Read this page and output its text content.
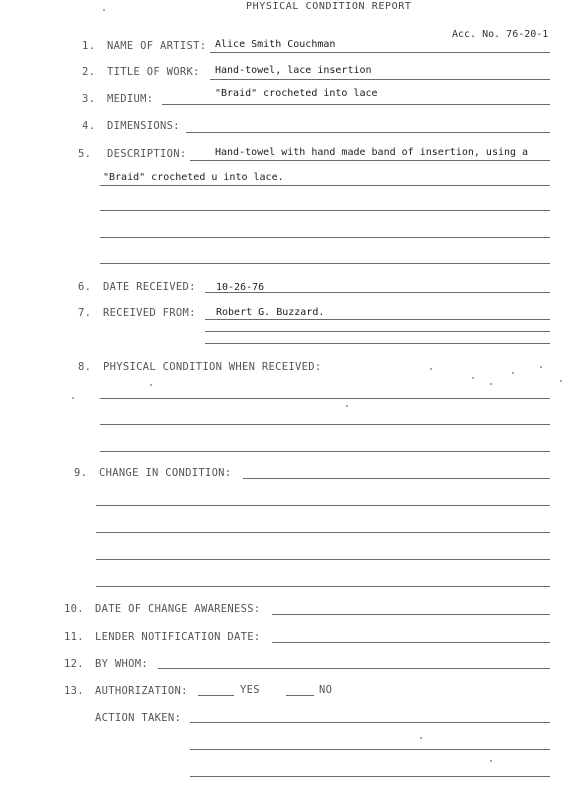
PHYSICAL CONDITION REPORT
Acc. No. 76-20-1
1. NAME OF ARTIST: Alice Smith Couchman
2. TITLE OF WORK: Hand-towel, lace insertion
3. MEDIUM:	"Braid" crocheted into lace
4. DIMENSIONS:
5. DESCRIPTION:	Hand-towel with hand made band of insertion, using a
"Braid" crocheted u into lace.
6. DATE RECEIVED: 10-26-76
7. RECEIVED FROM: Robert G. Buzzard.
8. PHYSICAL CONDITION WHEN RECEIVED:
9. CHANGE IN CONDITION:
10. DATE OF CHANGE AWARENESS:
11. LENDER NOTIFICATION DATE:
12. BY WHOM:
13. AUTHORIZATION:	YES	NO
ACTION TAKEN:
